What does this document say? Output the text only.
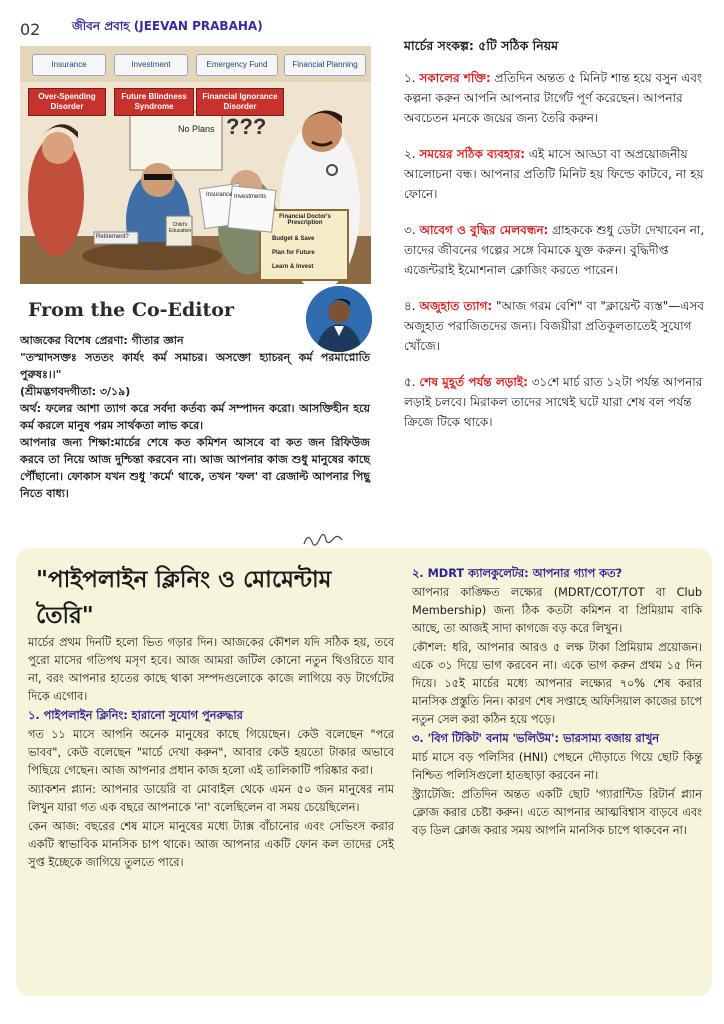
02	জীবন প্রবাহ (JEEVAN PRABAHA)
Insurance	Investment	Emergency Fund	Financial Planning
Over-Spending Disorder
Future Blindness Syndrome
Financial Ignorance Disorder
No Plans ???
Insurance Investments
Retirement?
Child's Education
Financial Doctor's Prescription
Budget & Save
Plan for Future
Learn & Invest
From the Co-Editor

আজকের বিশেষ প্রেরণা: গীতার জ্ঞান

"তস্মাদসক্তঃ সততং কার্যং কর্ম সমাচর। অসক্তো হ্যাচরন্ কর্ম পরমাপ্নোতি পুরুষঃ।।"

(শ্রীমদ্ভগবদগীতা: ৩/১৯)

অর্থ: ফলের আশা ত্যাগ করে সর্বদা কর্তব্য কর্ম সম্পাদন করো। আসক্তিহীন হয়ে কর্ম করলে মানুষ পরম সার্থকতা লাভ করে।

আপনার জন্য শিক্ষা:মার্চের শেষে কত কমিশন আসবে বা কত জন রিফিউজ করবে তা নিয়ে আজ দুশ্চিন্তা করবেন না। আজ আপনার কাজ শুধু মানুষের কাছে পৌঁছানো। ফোকাস যখন শুধু 'কর্মে' থাকে, তখন 'ফল' বা রেজাল্ট আপনার পিছু নিতে বাধ্য।

মার্চের সংকল্প: ৫টি সঠিক নিয়ম

১. সকালের শক্তি: প্রতিদিন অন্তত ৫ মিনিট শান্ত হয়ে বসুন এবং কল্পনা করুন আপনি আপনার টার্গেট পূর্ণ করেছেন। আপনার অবচেতন মনকে জয়ের জন্য তৈরি করুন।

২. সময়ের সঠিক ব্যবহার: এই মাসে আড্ডা বা অপ্রয়োজনীয় আলোচনা বন্ধ। আপনার প্রতিটি মিনিট হয় ফিল্ডে কাটবে, না হয় ফোনে।

৩. আবেগ ও বুদ্ধির মেলবন্ধন: গ্রাহককে শুধু ডেটা দেখাবেন না, তাদের জীবনের গল্পের সঙ্গে বিমাকে যুক্ত করুন। বুদ্ধিদীপ্ত এজেন্টরাই ইমোশনাল ক্লোজিং করতে পারেন।

৪. অজুহাত ত্যাগ: "আজ গরম বেশি" বা "ক্লায়েন্ট ব্যস্ত"—এসব অজুহাত পরাজিতদের জন্য। বিজয়ীরা প্রতিকূলতাতেই সুযোগ খোঁজে।

৫. শেষ মুহূর্ত পর্যন্ত লড়াই: ৩১শে মার্চ রাত ১২টা পর্যন্ত আপনার লড়াই চলবে। মিরাকল তাদের সাথেই ঘটে যারা শেষ বল পর্যন্ত ক্রিজে টিকে থাকে।

"পাইপলাইন ক্লিনিং ও মোমেন্টাম তৈরি"

মার্চের প্রথম দিনটি হলো ভিত গড়ার দিন। আজকের কৌশল যদি সঠিক হয়, তবে পুরো মাসের গতিপথ মসৃণ হবে। আজ আমরা জটিল কোনো নতুন থিওরিতে যাব না, বরং আপনার হাতের কাছে থাকা সম্পদগুলোকে কাজে লাগিয়ে বড় টার্গেটের দিকে এগোব।

১. পাইপলাইন ক্লিনিং: হারানো সুযোগ পুনরুদ্ধার

গত ১১ মাসে আপনি অনেক মানুষের কাছে গিয়েছেন। কেউ বলেছেন "পরে ভাবব", কেউ বলেছেন "মার্চে দেখা করুন", আবার কেউ হয়তো টাকার অভাবে পিছিয়ে গেছেন। আজ আপনার প্রধান কাজ হলো এই তালিকাটি পরিষ্কার করা।

অ্যাকশন প্ল্যান: আপনার ডায়েরি বা মোবাইল থেকে এমন ৫০ জন মানুষের নাম লিখুন যারা গত এক বছরে আপনাকে 'না' বলেছিলেন বা সময় চেয়েছিলেন।

কেন আজ: বছরের শেষ মাসে মানুষের মধ্যে ট্যাক্স বাঁচানোর এবং সেভিংস করার একটি স্বাভাবিক মানসিক চাপ থাকে। আজ আপনার একটি ফোন কল তাদের সেই সুপ্ত ইচ্ছেকে জাগিয়ে তুলতে পারে।

২. MDRT ক্যালকুলেটর: আপনার গ্যাপ কত?

আপনার কাঙ্ক্ষিত লক্ষ্যের (MDRT/COT/TOT বা Club Membership) জন্য ঠিক কতটা কমিশন বা প্রিমিয়াম বাকি আছে, তা আজই সাদা কাগজে বড় করে লিখুন।

কৌশল: ধরি, আপনার আরও ৫ লক্ষ টাকা প্রিমিয়াম প্রয়োজন। একে ৩১ দিয়ে ভাগ করবেন না। একে ভাগ করুন প্রথম ১৫ দিন দিয়ে। ১৫ই মার্চের মধ্যে আপনার লক্ষ্যের ৭০% শেষ করার মানসিক প্রস্তুতি নিন। কারণ শেষ সপ্তাহে অফিসিয়াল কাজের চাপে নতুন সেল করা কঠিন হয়ে পড়ে।

৩. 'বিগ টিকিট' বনাম 'ভলিউম': ভারসাম্য বজায় রাখুন

মার্চ মাসে বড় পলিসির (HNI) পেছনে দৌড়াতে গিয়ে ছোট কিন্তু নিশ্চিত পলিসিগুলো হাতছাড়া করবেন না।

স্ট্র্যাটেজি: প্রতিদিন অন্তত একটি ছোট 'গ্যারান্টিড রিটার্ন প্ল্যান ক্লোজ করার চেষ্টা করুন। এতে আপনার আত্মবিশ্বাস বাড়বে এবং বড় ডিল ক্লোজ করার সময় আপনি মানসিক চাপে থাকবেন না।
